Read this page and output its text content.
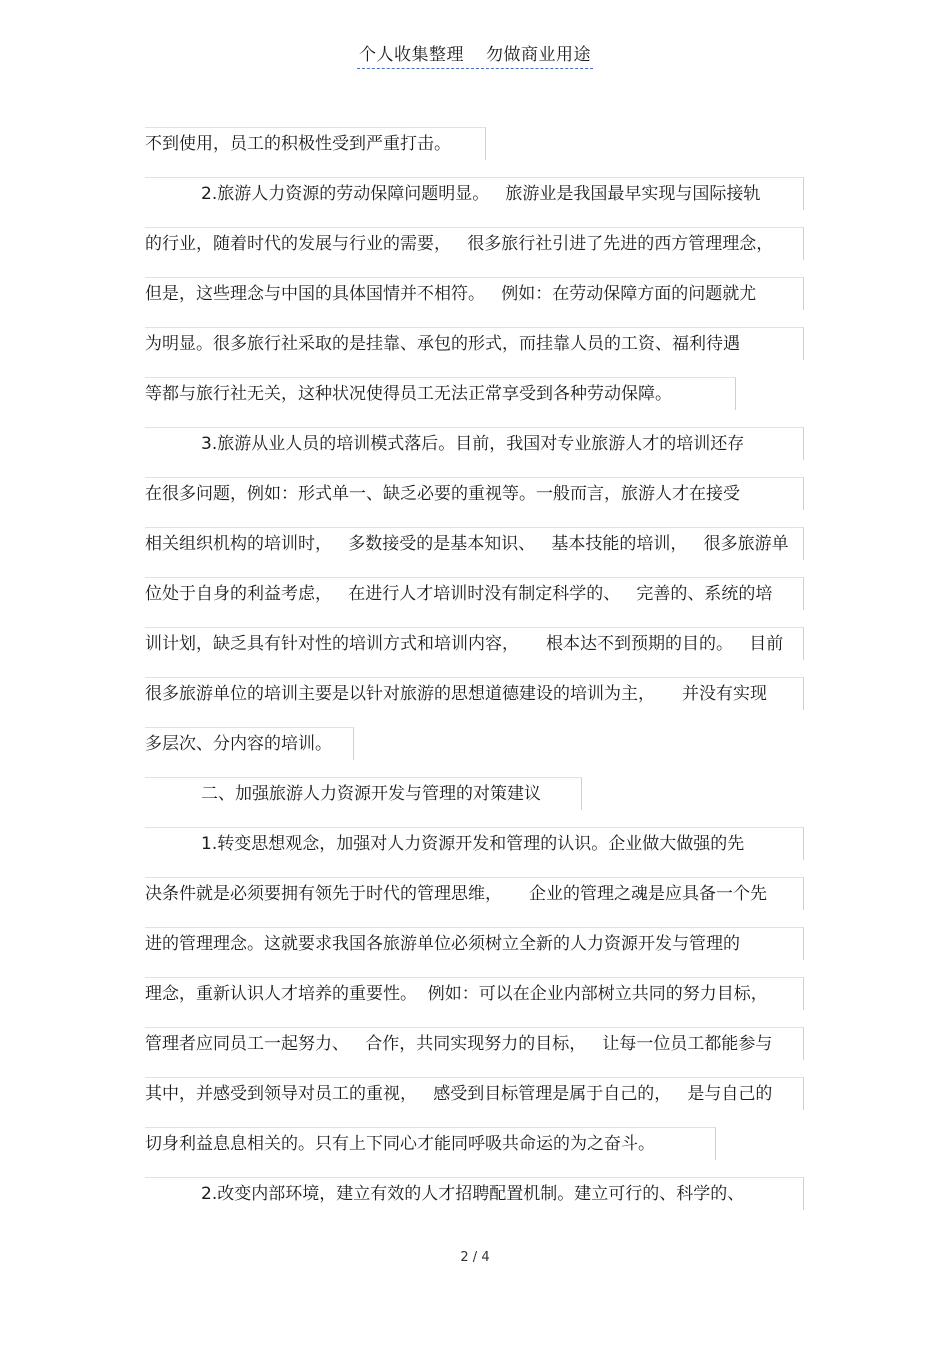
个人收集整理 勿做商业用途
不到使用，员工的积极性受到严重打击。
2.旅游人力资源的劳动保障问题明显。   旅游业是我国最早实现与国际接轨
的行业，随着时代的发展与行业的需要，   很多旅行社引进了先进的西方管理理念，
但是，这些理念与中国的具体国情并不相符。   例如：在劳动保障方面的问题就尤
为明显。很多旅行社采取的是挂靠、承包的形式，而挂靠人员的工资、福利待遇
等都与旅行社无关，这种状况使得员工无法正常享受到各种劳动保障。
3.旅游从业人员的培训模式落后。目前，我国对专业旅游人才的培训还存
在很多问题，例如：形式单一、缺乏必要的重视等。一般而言，旅游人才在接受
相关组织机构的培训时，   多数接受的是基本知识、   基本技能的培训，   很多旅游单
位处于自身的利益考虑，   在进行人才培训时没有制定科学的、   完善的、系统的培
训计划，缺乏具有针对性的培训方式和培训内容，     根本达不到预期的目的。   目前
很多旅游单位的培训主要是以针对旅游的思想道德建设的培训为主，     并没有实现
多层次、分内容的培训。
二、加强旅游人力资源开发与管理的对策建议
1.转变思想观念，加强对人力资源开发和管理的认识。企业做大做强的先
决条件就是必须要拥有领先于时代的管理思维，     企业的管理之魂是应具备一个先
进的管理理念。这就要求我国各旅游单位必须树立全新的人力资源开发与管理的
理念，重新认识人才培养的重要性。  例如：可以在企业内部树立共同的努力目标，
管理者应同员工一起努力、   合作，共同实现努力的目标，   让每一位员工都能参与
其中，并感受到领导对员工的重视，   感受到目标管理是属于自己的，   是与自己的
切身利益息息相关的。只有上下同心才能同呼吸共命运的为之奋斗。
2.改变内部环境，建立有效的人才招聘配置机制。建立可行的、科学的、
2 / 4
